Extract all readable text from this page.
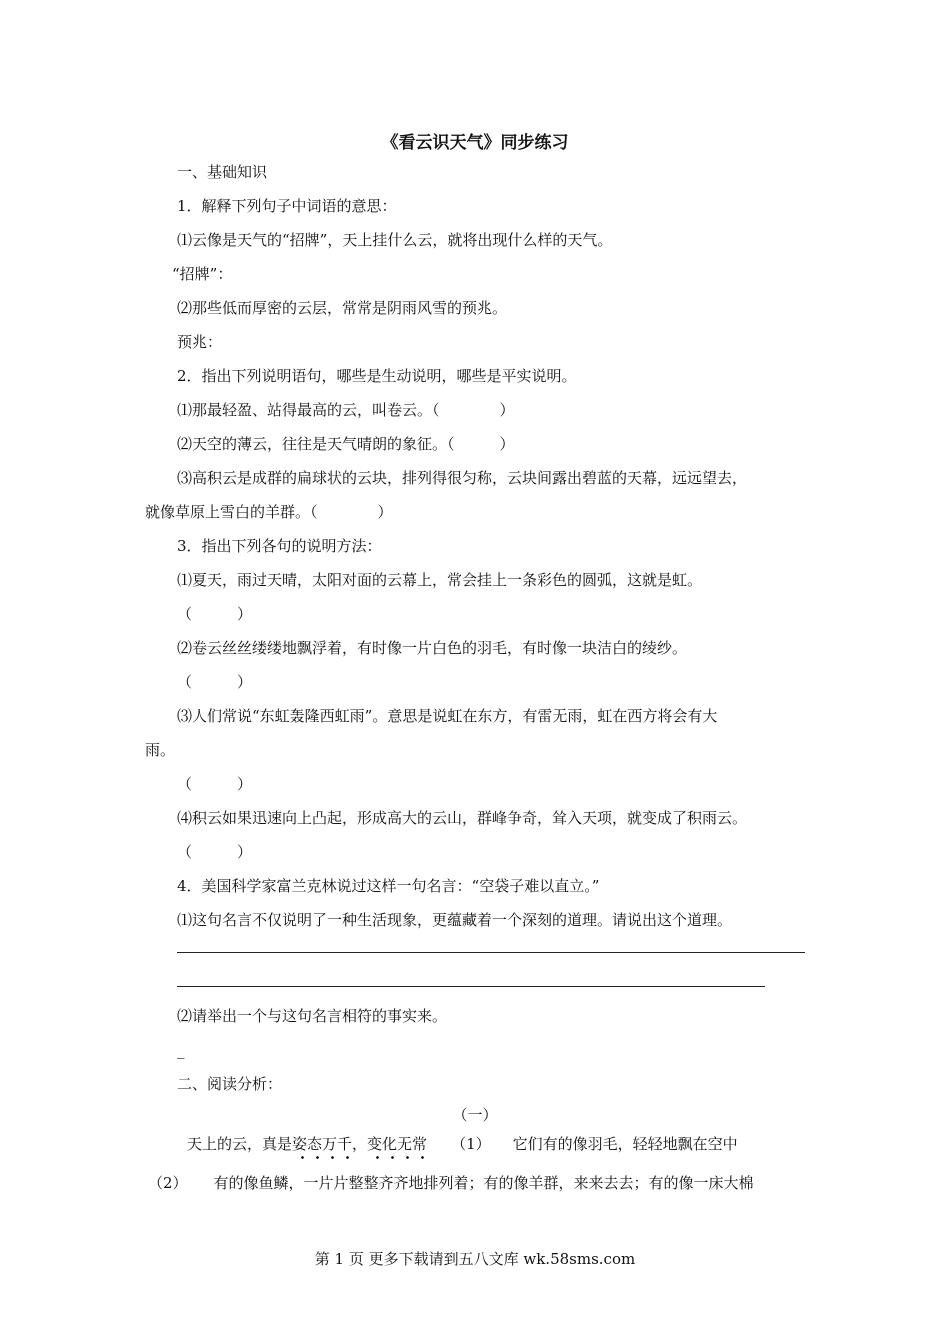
《看云识天气》同步练习
一、基础知识
1．解释下列句子中词语的意思：
⑴云像是天气的“招牌”，天上挂什么云，就将出现什么样的天气。
“招牌”：
⑵那些低而厚密的云层，常常是阴雨风雪的预兆。
预兆：
2．指出下列说明语句，哪些是生动说明，哪些是平实说明。
⑴那最轻盈、站得最高的云，叫卷云。（　　　　）
⑵天空的薄云，往往是天气晴朗的象征。（　　　）
⑶高积云是成群的扁球状的云块，排列得很匀称，云块间露出碧蓝的天幕，远远望去，
就像草原上雪白的羊群。（　　　　）
3．指出下列各句的说明方法：
⑴夏天，雨过天晴，太阳对面的云幕上，常会挂上一条彩色的圆弧，这就是虹。
（　　　）
⑵卷云丝丝缕缕地飘浮着，有时像一片白色的羽毛，有时像一块洁白的绫纱。
（　　　）
⑶人们常说“东虹轰隆西虹雨”。意思是说虹在东方，有雷无雨，虹在西方将会有大
雨。
（　　　）
⑷积云如果迅速向上凸起，形成高大的云山，群峰争奇，耸入天项，就变成了积雨云。
（　　　）
4．美国科学家富兰克林说过这样一句名言：“空袋子难以直立。”
⑴这句名言不仅说明了一种生活现象，更蕴藏着一个深刻的道理。请说出这个道理。
⑵请举出一个与这句名言相符的事实来。
_
二、阅读分析：
（一）
天上的云，真是姿态万千，变化无常 （1） 它们有的像羽毛，轻轻地飘在空中
（2） 有的像鱼鳞，一片片整整齐齐地排列着；有的像羊群，来来去去；有的像一床大棉
第 1 页 更多下载请到五八文库 wk.58sms.com
